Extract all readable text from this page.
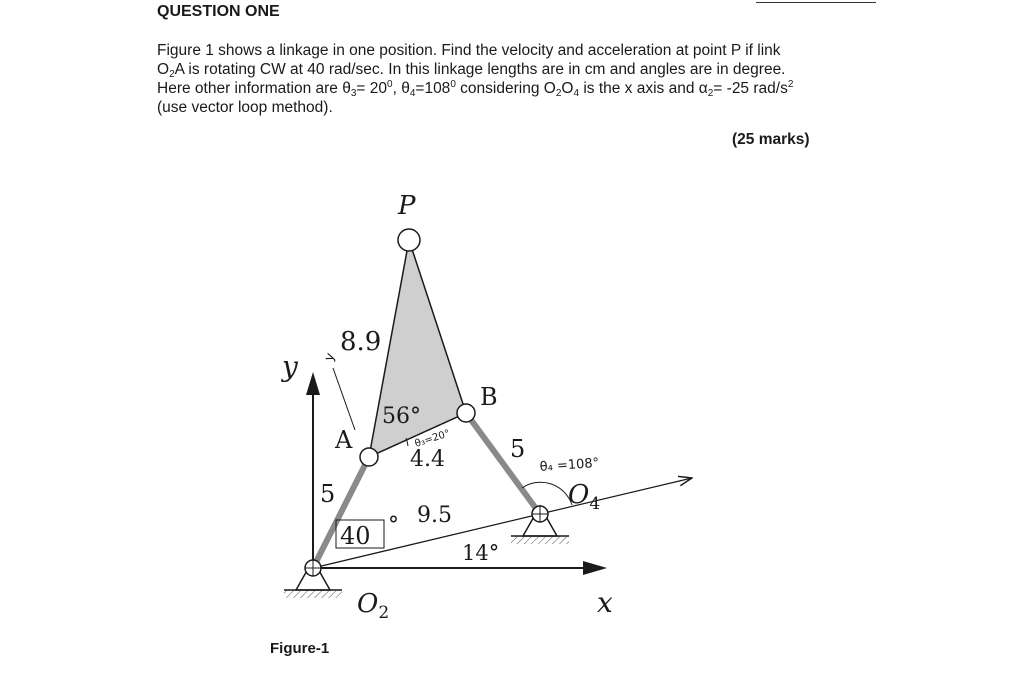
QUESTION ONE
Figure 1 shows a linkage in one position. Find the velocity and acceleration at point P if link
$O_2A$ is rotating CW at 40 rad/sec. In this linkage lengths are in cm and angles are in degree.
Here other information are $\theta_3= 20^0$, $\theta_4=108^0$ considering $O_2O_4$ is the x axis and $\alpha_2= -25$ rad/$s^2$
(use vector loop method).
(25 marks)
P
A
B
y y
x
$O_2$
$O_4$
8.9
4.4
5
5
9.5
56°
40 °
14°
θ₃=20°
θ₄ =108°
Figure-1
